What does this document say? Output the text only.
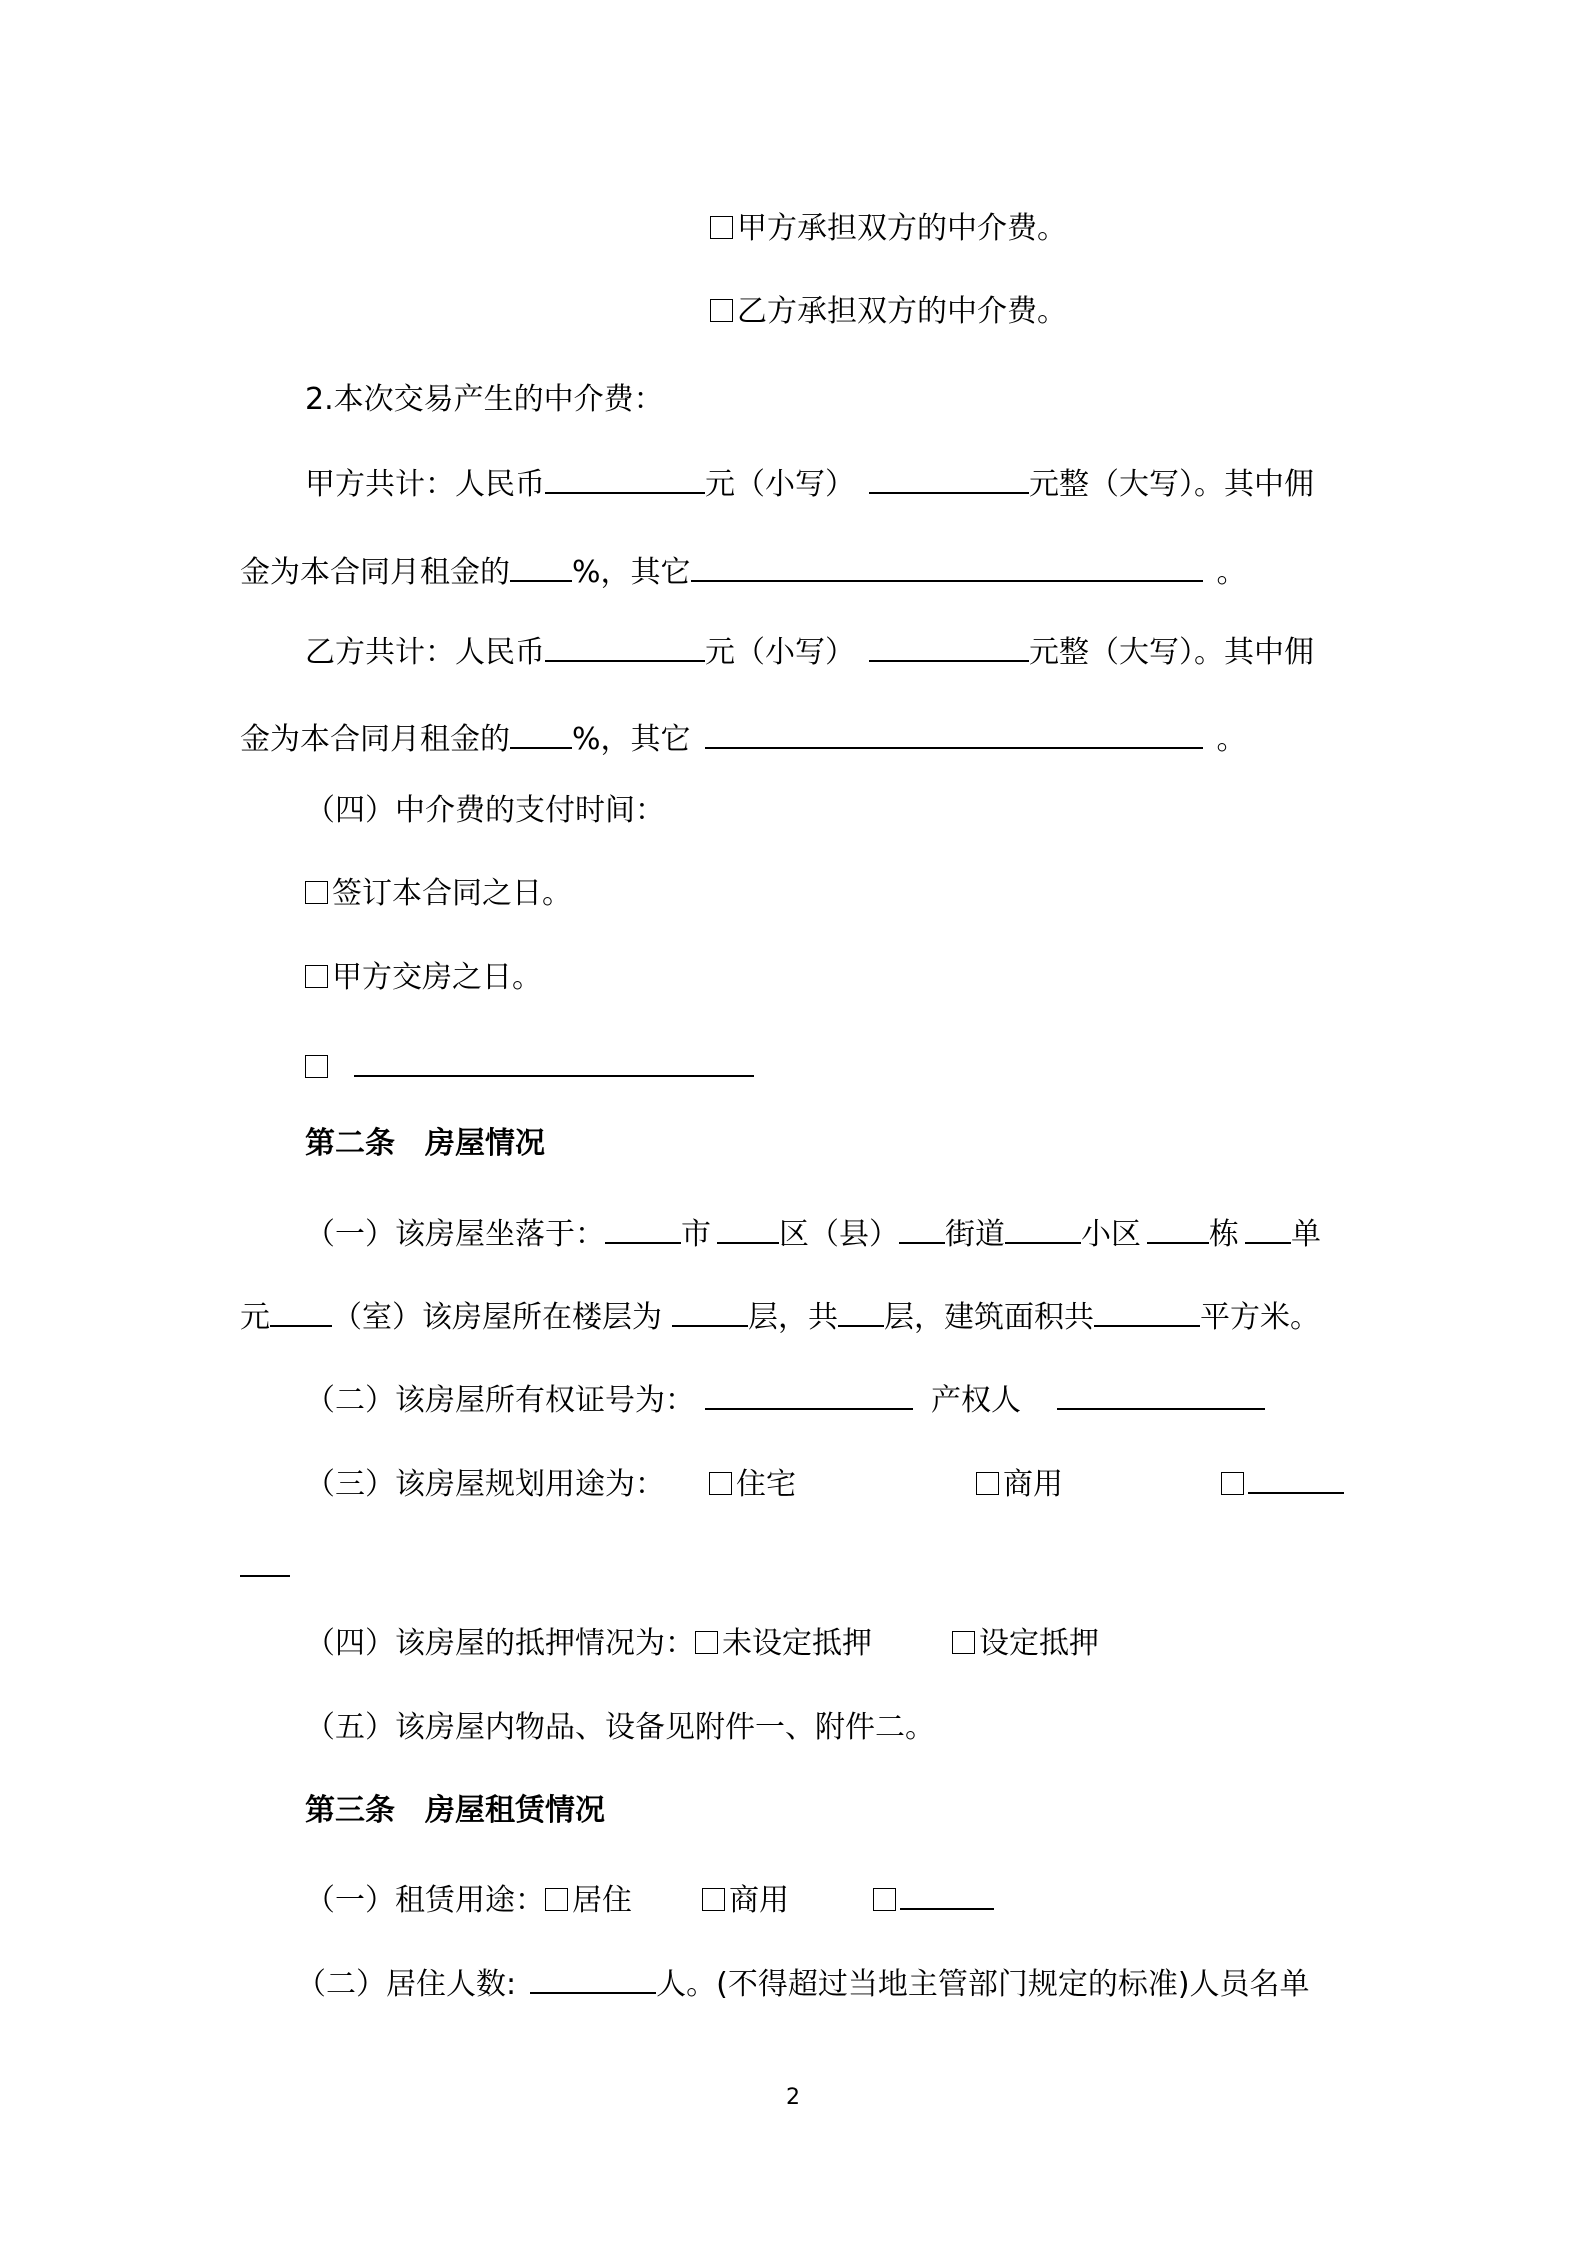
甲方承担双方的中介费。
乙方承担双方的中介费。
2.本次交易产生的中介费：
甲方共计：人民币	元（小写）	元整（大写）。其中佣
金为本合同月租金的 %，其它	。
乙方共计：人民币	元（小写）	元整（大写）。其中佣
金为本合同月租金的 %，其它	。
（四）中介费的支付时间：
签订本合同之日。
甲方交房之日。
第二条 房屋情况
（一）该房屋坐落于：	市 区（县） 街道	小区 栋 单
元 （室）该房屋所在楼层为	层，共 层，建筑面积共	平方米。
（二）该房屋所有权证号为：	产权人
（三）该房屋规划用途为： 住宅	商用
（四）该房屋的抵押情况为： 未设定抵押	设定抵押
（五）该房屋内物品、设备见附件一、附件二。
第三条 房屋租赁情况
（一）租赁用途： 居住	商用
（二）居住人数:	人。(不得超过当地主管部门规定的标准)人员名单
2
